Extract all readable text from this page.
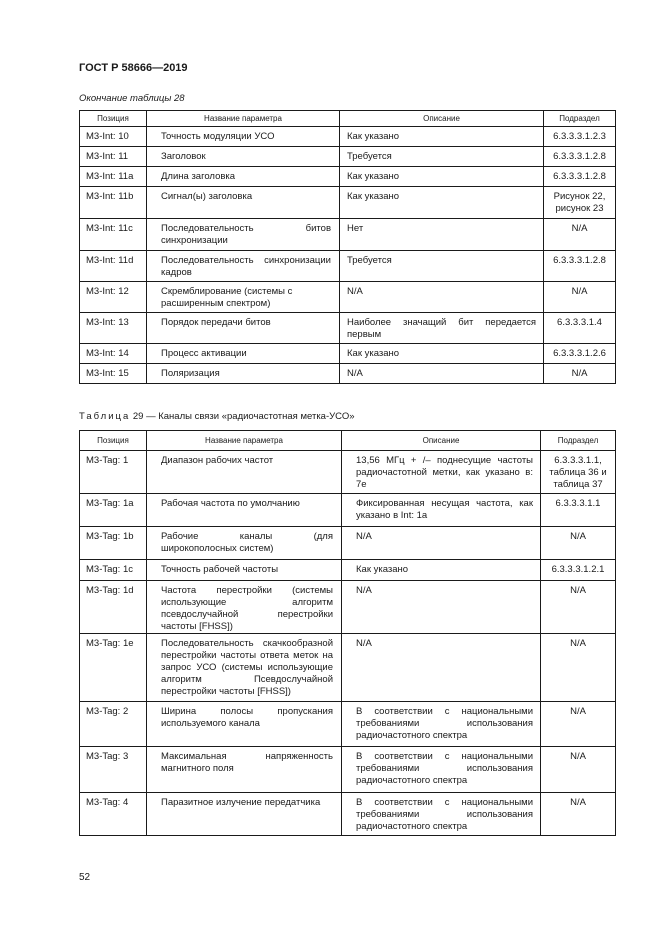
ГОСТ Р 58666—2019
Окончание таблицы 28
Позиция	Название параметра	Описание	Подраздел
M3-Int: 10	Точность модуляции УСО	Как указано	6.3.3.3.1.2.3
M3-Int: 11	Заголовок	Требуется	6.3.3.3.1.2.8
M3-Int: 11a	Длина заголовка	Как указано	6.3.3.3.1.2.8
M3-Int: 11b	Сигнал(ы) заголовка	Как указано	Рисунок 22, рисунок 23
M3-Int: 11c	Последовательность битов синхронизации	Нет	N/A
M3-Int: 11d	Последовательность синхронизации кадров	Требуется	6.3.3.3.1.2.8
M3-Int: 12	Скремблирование (системы с расширенным спектром)	N/A	N/A
M3-Int: 13	Порядок передачи битов	Наиболее значащий бит передается первым	6.3.3.3.1.4
M3-Int: 14	Процесс активации	Как указано	6.3.3.3.1.2.6
M3-Int: 15	Поляризация	N/A	N/A
Таблица 29 — Каналы связи «радиочастотная метка-УСО»
Позиция	Название параметра	Описание	Подраздел
M3-Tag: 1	Диапазон рабочих частот	13,56 МГц + /– поднесущие частоты радиочастотной метки, как указано в: 7e	6.3.3.3.1.1, таблица 36 и таблица 37
M3-Tag: 1a	Рабочая частота по умолчанию	Фиксированная несущая частота, как указано в Int: 1a	6.3.3.3.1.1
M3-Tag: 1b	Рабочие каналы (для широкополосных систем)	N/A	N/A
M3-Tag: 1c	Точность рабочей частоты	Как указано	6.3.3.3.1.2.1
M3-Tag: 1d	Частота перестройки (системы использующие алгоритм псевдослучайной перестройки частоты [FHSS])	N/A	N/A
M3-Tag: 1e	Последовательность скачкообразной перестройки частоты ответа меток на запрос УСО (системы использующие алгоритм Псевдослучайной перестройки частоты [FHSS])	N/A	N/A
M3-Tag: 2	Ширина полосы пропускания используемого канала	В соответствии с национальными требованиями использования радиочастотного спектра	N/A
M3-Tag: 3	Максимальная напряженность магнитного поля	В соответствии с национальными требованиями использования радиочастотного спектра	N/A
M3-Tag: 4	Паразитное излучение передатчика	В соответствии с национальными требованиями использования радиочастотного спектра	N/A
52
